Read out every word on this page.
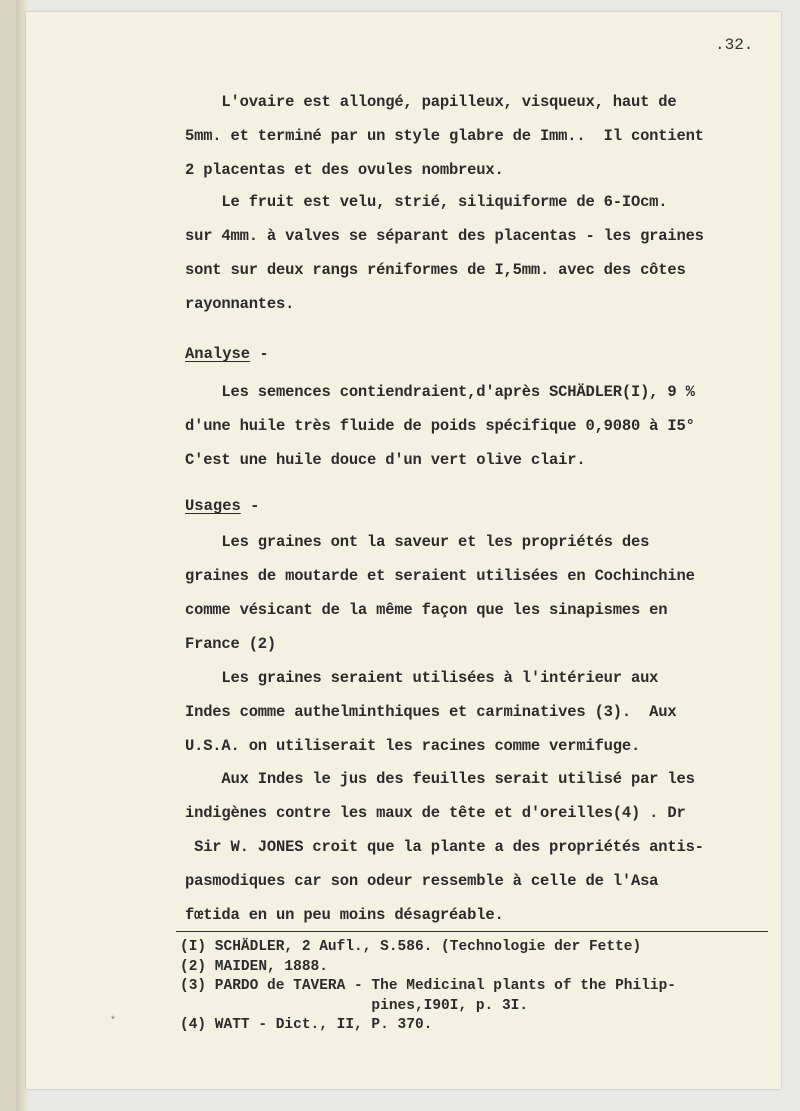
.32.

L'ovaire est allongé, papilleux, visqueux, haut de
5mm. et terminé par un style glabre de Imm..  Il contient
2 placentas et des ovules nombreux.

Le fruit est velu, strié, siliquiforme de 6-IOcm.
sur 4mm. à valves se séparant des placentas - les graines
sont sur deux rangs réniformes de I,5mm. avec des côtes
rayonnantes.

Analyse -

Les semences contiendraient,d'après SCHÄDLER(I), 9 %
d'une huile très fluide de poids spécifique 0,9080 à I5°
C'est une huile douce d'un vert olive clair.

Usages -

Les graines ont la saveur et les propriétés des
graines de moutarde et seraient utilisées en Cochinchine
comme vésicant de la même façon que les sinapismes en
France (2)

Les graines seraient utilisées à l'intérieur aux
Indes comme authelminthiques et carminatives (3).  Aux
U.S.A. on utiliserait les racines comme vermifuge.

Aux Indes le jus des feuilles serait utilisé par les
indigènes contre les maux de tête et d'oreilles(4) . Dr
Sir W. JONES croit que la plante a des propriétés antis-
pasmodiques car son odeur ressemble à celle de l'Asa
fœtida en un peu moins désagréable.

(I) SCHÄDLER, 2 Aufl., S.586. (Technologie der Fette)
(2) MAIDEN, 1888.
(3) PARDO de TAVERA - The Medicinal plants of the Philip-
pines,I90I, p. 3I.
(4) WATT - Dict., II, P. 370.

*
